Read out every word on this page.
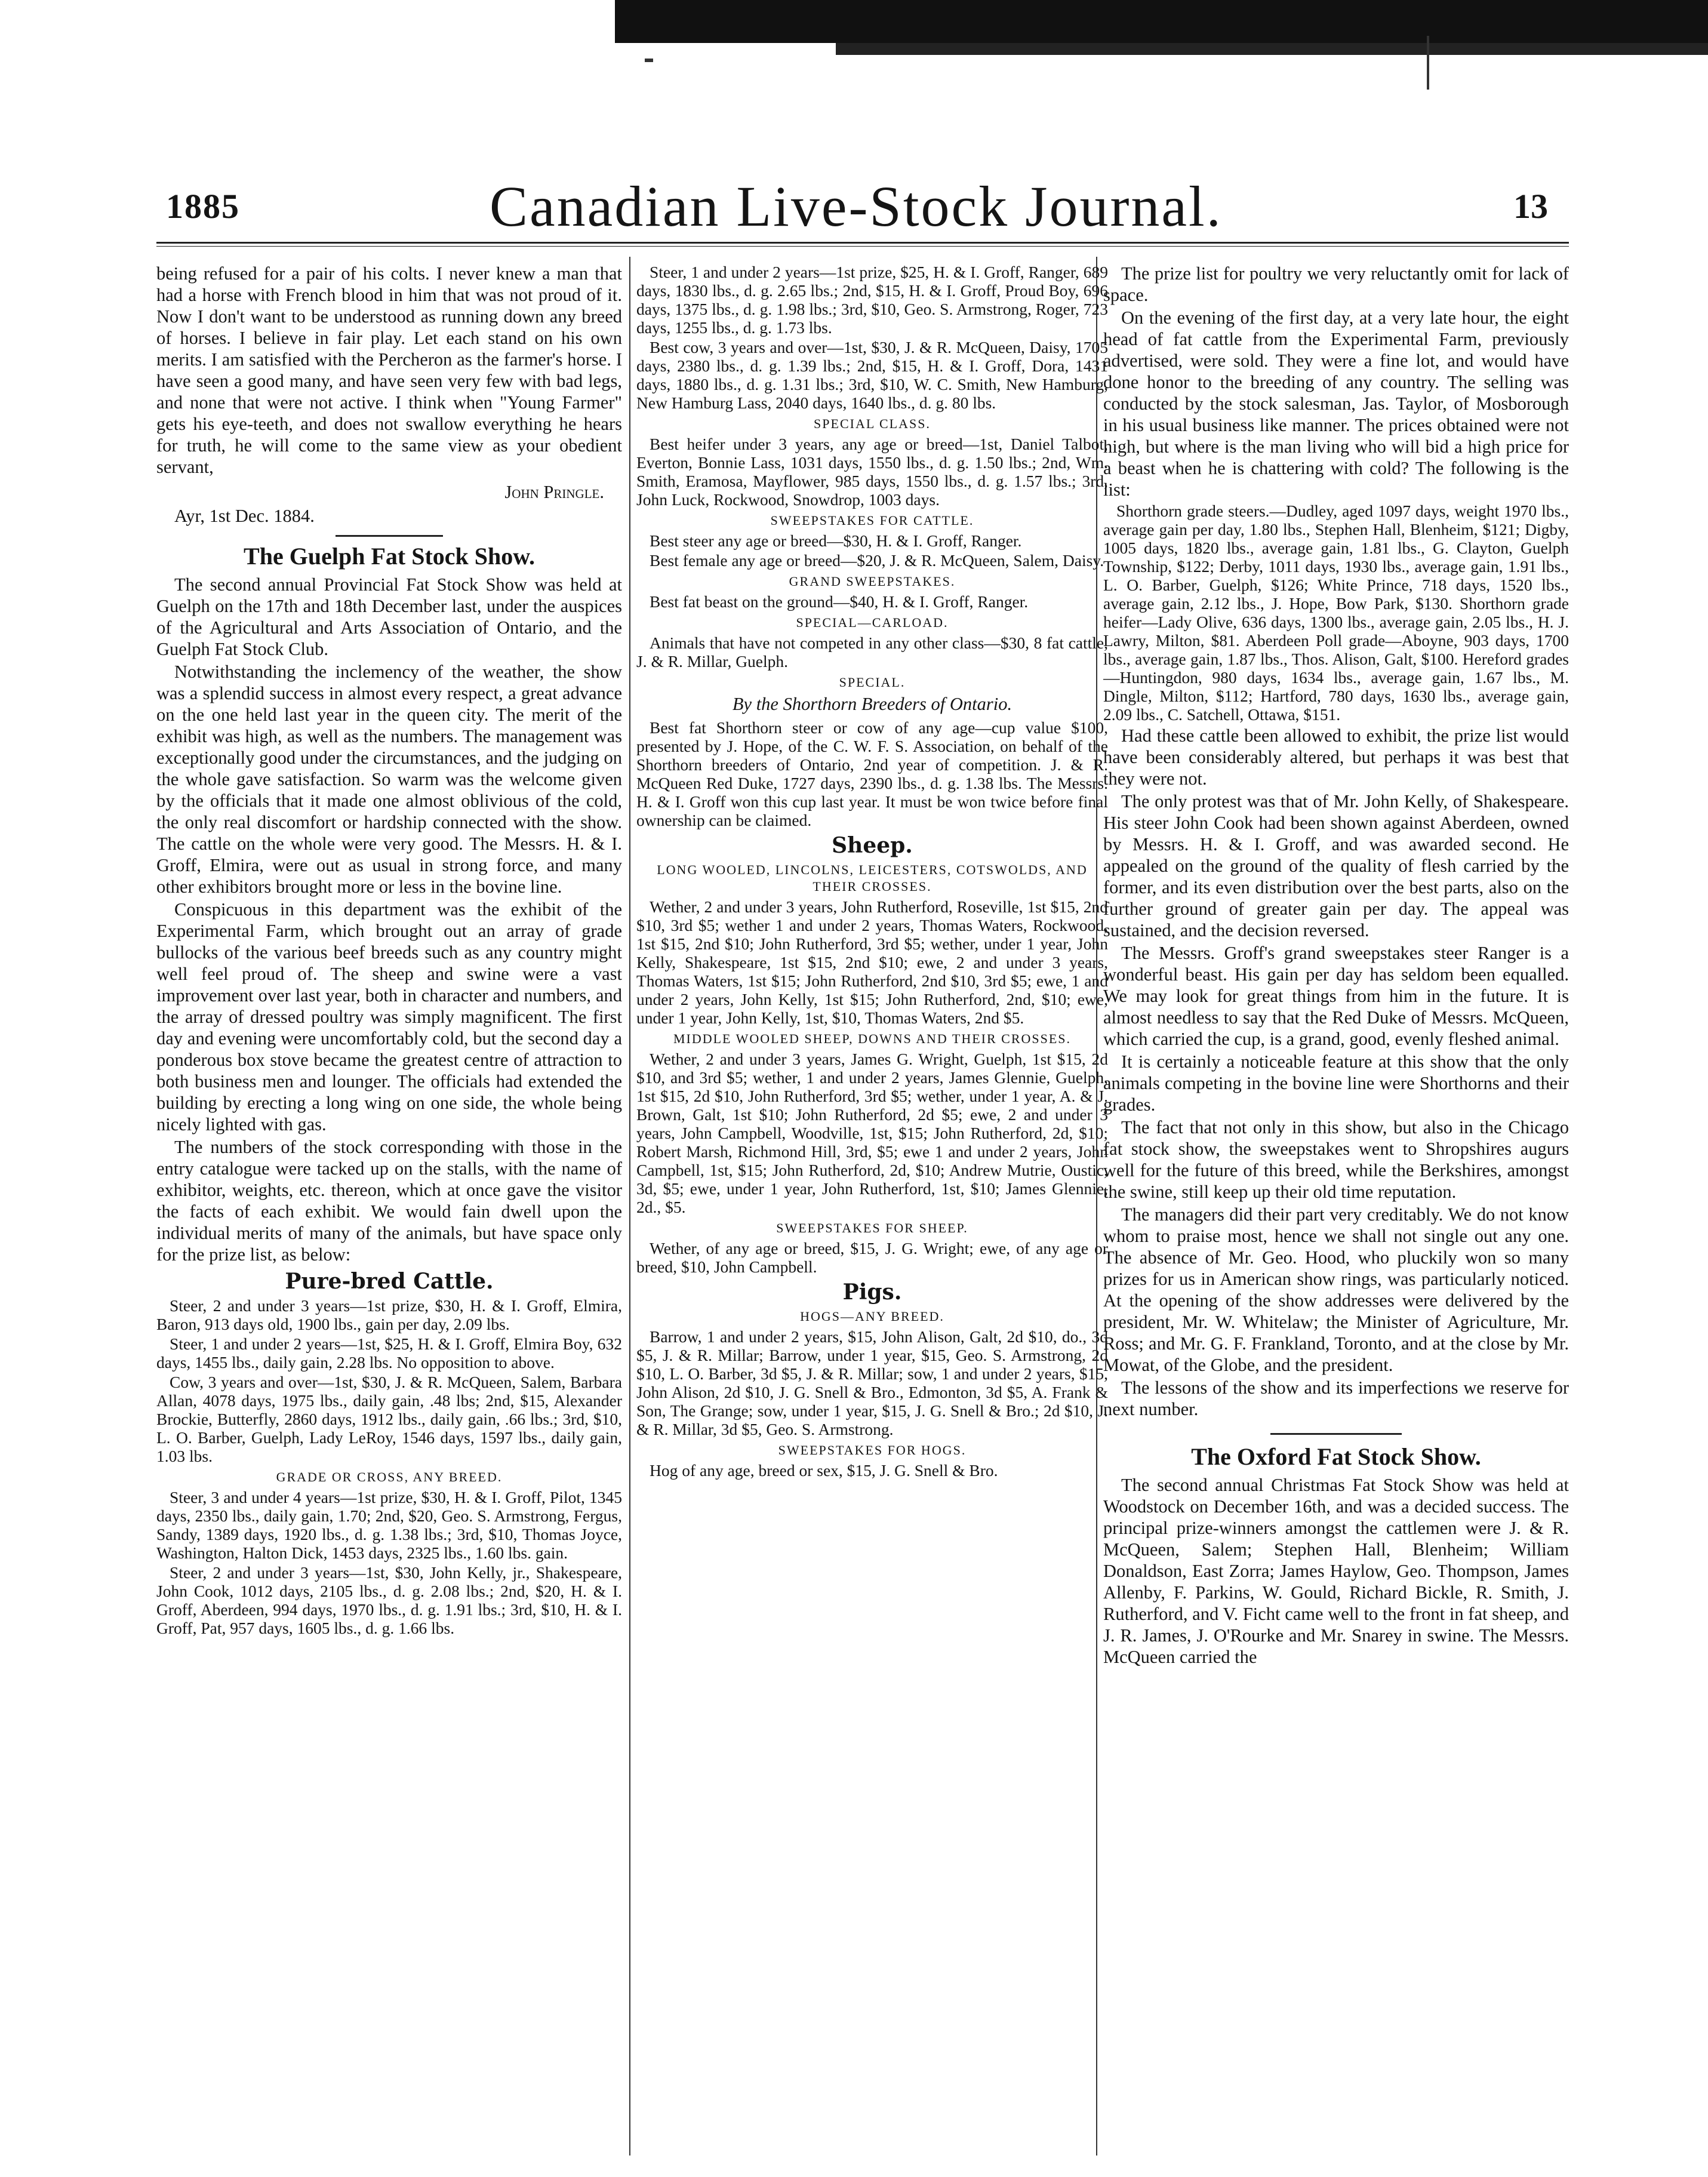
1885	Canadian Live-Stock Journal.	13

being refused for a pair of his colts. I never knew a man that had a horse with French blood in him that was not proud of it. Now I don't want to be understood as running down any breed of horses. I believe in fair play. Let each stand on his own merits. I am satisfied with the Percheron as the farmer's horse. I have seen a good many, and have seen very few with bad legs, and none that were not active. I think when "Young Farmer" gets his eye-teeth, and does not swallow everything he hears for truth, he will come to the same view as your obedient servant,

John Pringle.

Ayr, 1st Dec. 1884.

The Guelph Fat Stock Show.

The second annual Provincial Fat Stock Show was held at Guelph on the 17th and 18th December last, under the auspices of the Agricultural and Arts Association of Ontario, and the Guelph Fat Stock Club.

Notwithstanding the inclemency of the weather, the show was a splendid success in almost every respect, a great advance on the one held last year in the queen city. The merit of the exhibit was high, as well as the numbers. The management was exceptionally good under the circumstances, and the judging on the whole gave satisfaction. So warm was the welcome given by the officials that it made one almost oblivious of the cold, the only real discomfort or hardship connected with the show. The cattle on the whole were very good. The Messrs. H. & I. Groff, Elmira, were out as usual in strong force, and many other exhibitors brought more or less in the bovine line.

Conspicuous in this department was the exhibit of the Experimental Farm, which brought out an array of grade bullocks of the various beef breeds such as any country might well feel proud of. The sheep and swine were a vast improvement over last year, both in character and numbers, and the array of dressed poultry was simply magnificent. The first day and evening were uncomfortably cold, but the second day a ponderous box stove became the greatest centre of attraction to both business men and lounger. The officials had extended the building by erecting a long wing on one side, the whole being nicely lighted with gas.

The numbers of the stock corresponding with those in the entry catalogue were tacked up on the stalls, with the name of exhibitor, weights, etc. thereon, which at once gave the visitor the facts of each exhibit. We would fain dwell upon the individual merits of many of the animals, but have space only for the prize list, as below:

Pure-bred Cattle.

Steer, 2 and under 3 years—1st prize, $30, H. & I. Groff, Elmira, Baron, 913 days old, 1900 lbs., gain per day, 2.09 lbs.

Steer, 1 and under 2 years—1st, $25, H. & I. Groff, Elmira Boy, 632 days, 1455 lbs., daily gain, 2.28 lbs. No opposition to above.

Cow, 3 years and over—1st, $30, J. & R. McQueen, Salem, Barbara Allan, 4078 days, 1975 lbs., daily gain, .48 lbs; 2nd, $15, Alexander Brockie, Butterfly, 2860 days, 1912 lbs., daily gain, .66 lbs.; 3rd, $10, L. O. Barber, Guelph, Lady LeRoy, 1546 days, 1597 lbs., daily gain, 1.03 lbs.

GRADE OR CROSS, ANY BREED.

Steer, 3 and under 4 years—1st prize, $30, H. & I. Groff, Pilot, 1345 days, 2350 lbs., daily gain, 1.70; 2nd, $20, Geo. S. Armstrong, Fergus, Sandy, 1389 days, 1920 lbs., d. g. 1.38 lbs.; 3rd, $10, Thomas Joyce, Washington, Halton Dick, 1453 days, 2325 lbs., 1.60 lbs. gain.

Steer, 2 and under 3 years—1st, $30, John Kelly, jr., Shakespeare, John Cook, 1012 days, 2105 lbs., d. g. 2.08 lbs.; 2nd, $20, H. & I. Groff, Aberdeen, 994 days, 1970 lbs., d. g. 1.91 lbs.; 3rd, $10, H. & I. Groff, Pat, 957 days, 1605 lbs., d. g. 1.66 lbs.

Steer, 1 and under 2 years—1st prize, $25, H. & I. Groff, Ranger, 689 days, 1830 lbs., d. g. 2.65 lbs.; 2nd, $15, H. & I. Groff, Proud Boy, 696 days, 1375 lbs., d. g. 1.98 lbs.; 3rd, $10, Geo. S. Armstrong, Roger, 723 days, 1255 lbs., d. g. 1.73 lbs.

Best cow, 3 years and over—1st, $30, J. & R. McQueen, Daisy, 1705 days, 2380 lbs., d. g. 1.39 lbs.; 2nd, $15, H. & I. Groff, Dora, 1431 days, 1880 lbs., d. g. 1.31 lbs.; 3rd, $10, W. C. Smith, New Hamburg, New Hamburg Lass, 2040 days, 1640 lbs., d. g. 80 lbs.

SPECIAL CLASS.

Best heifer under 3 years, any age or breed—1st, Daniel Talbot, Everton, Bonnie Lass, 1031 days, 1550 lbs., d. g. 1.50 lbs.; 2nd, Wm. Smith, Eramosa, Mayflower, 985 days, 1550 lbs., d. g. 1.57 lbs.; 3rd, John Luck, Rockwood, Snowdrop, 1003 days.

SWEEPSTAKES FOR CATTLE.

Best steer any age or breed—$30, H. & I. Groff, Ranger.

Best female any age or breed—$20, J. & R. McQueen, Salem, Daisy.

GRAND SWEEPSTAKES.

Best fat beast on the ground—$40, H. & I. Groff, Ranger.

SPECIAL—CARLOAD.

Animals that have not competed in any other class—$30, 8 fat cattle, J. & R. Millar, Guelph.

SPECIAL.

By the Shorthorn Breeders of Ontario.

Best fat Shorthorn steer or cow of any age—cup value $100, presented by J. Hope, of the C. W. F. S. Association, on behalf of the Shorthorn breeders of Ontario, 2nd year of competition. J. & R. McQueen Red Duke, 1727 days, 2390 lbs., d. g. 1.38 lbs. The Messrs. H. & I. Groff won this cup last year. It must be won twice before final ownership can be claimed.

Sheep.
LONG WOOLED, LINCOLNS, LEICESTERS, COTSWOLDS, AND THEIR CROSSES.

Wether, 2 and under 3 years, John Rutherford, Roseville, 1st $15, 2nd $10, 3rd $5; wether 1 and under 2 years, Thomas Waters, Rockwood, 1st $15, 2nd $10; John Rutherford, 3rd $5; wether, under 1 year, John Kelly, Shakespeare, 1st $15, 2nd $10; ewe, 2 and under 3 years, Thomas Waters, 1st $15; John Rutherford, 2nd $10, 3rd $5; ewe, 1 and under 2 years, John Kelly, 1st $15; John Rutherford, 2nd, $10; ewe, under 1 year, John Kelly, 1st, $10, Thomas Waters, 2nd $5.

MIDDLE WOOLED SHEEP, DOWNS AND THEIR CROSSES.

Wether, 2 and under 3 years, James G. Wright, Guelph, 1st $15, 2d $10, and 3rd $5; wether, 1 and under 2 years, James Glennie, Guelph, 1st $15, 2d $10, John Rutherford, 3rd $5; wether, under 1 year, A. & J. Brown, Galt, 1st $10; John Rutherford, 2d $5; ewe, 2 and under 3 years, John Campbell, Woodville, 1st, $15; John Rutherford, 2d, $10; Robert Marsh, Richmond Hill, 3rd, $5; ewe 1 and under 2 years, John Campbell, 1st, $15; John Rutherford, 2d, $10; Andrew Mutrie, Oustic, 3d, $5; ewe, under 1 year, John Rutherford, 1st, $10; James Glennie, 2d., $5.

SWEEPSTAKES FOR SHEEP.

Wether, of any age or breed, $15, J. G. Wright; ewe, of any age or breed, $10, John Campbell.

Pigs.
HOGS—ANY BREED.

Barrow, 1 and under 2 years, $15, John Alison, Galt, 2d $10, do., 3d $5, J. & R. Millar; Barrow, under 1 year, $15, Geo. S. Armstrong, 2d $10, L. O. Barber, 3d $5, J. & R. Millar; sow, 1 and under 2 years, $15, John Alison, 2d $10, J. G. Snell & Bro., Edmonton, 3d $5, A. Frank & Son, The Grange; sow, under 1 year, $15, J. G. Snell & Bro.; 2d $10, J. & R. Millar, 3d $5, Geo. S. Armstrong.

SWEEPSTAKES FOR HOGS.

Hog of any age, breed or sex, $15, J. G. Snell & Bro.

The prize list for poultry we very reluctantly omit for lack of space.

On the evening of the first day, at a very late hour, the eight head of fat cattle from the Experimental Farm, previously advertised, were sold. They were a fine lot, and would have done honor to the breeding of any country. The selling was conducted by the stock salesman, Jas. Taylor, of Mosborough in his usual business like manner. The prices obtained were not high, but where is the man living who will bid a high price for a beast when he is chattering with cold? The following is the list:

Shorthorn grade steers.—Dudley, aged 1097 days, weight 1970 lbs., average gain per day, 1.80 lbs., Stephen Hall, Blenheim, $121; Digby, 1005 days, 1820 lbs., average gain, 1.81 lbs., G. Clayton, Guelph Township, $122; Derby, 1011 days, 1930 lbs., average gain, 1.91 lbs., L. O. Barber, Guelph, $126; White Prince, 718 days, 1520 lbs., average gain, 2.12 lbs., J. Hope, Bow Park, $130. Shorthorn grade heifer—Lady Olive, 636 days, 1300 lbs., average gain, 2.05 lbs., H. J. Lawry, Milton, $81. Aberdeen Poll grade—Aboyne, 903 days, 1700 lbs., average gain, 1.87 lbs., Thos. Alison, Galt, $100. Hereford grades—Huntingdon, 980 days, 1634 lbs., average gain, 1.67 lbs., M. Dingle, Milton, $112; Hartford, 780 days, 1630 lbs., average gain, 2.09 lbs., C. Satchell, Ottawa, $151.

Had these cattle been allowed to exhibit, the prize list would have been considerably altered, but perhaps it was best that they were not.

The only protest was that of Mr. John Kelly, of Shakespeare. His steer John Cook had been shown against Aberdeen, owned by Messrs. H. & I. Groff, and was awarded second. He appealed on the ground of the quality of flesh carried by the former, and its even distribution over the best parts, also on the further ground of greater gain per day. The appeal was sustained, and the decision reversed.

The Messrs. Groff's grand sweepstakes steer Ranger is a wonderful beast. His gain per day has seldom been equalled. We may look for great things from him in the future. It is almost needless to say that the Red Duke of Messrs. McQueen, which carried the cup, is a grand, good, evenly fleshed animal.

It is certainly a noticeable feature at this show that the only animals competing in the bovine line were Shorthorns and their grades.

The fact that not only in this show, but also in the Chicago fat stock show, the sweepstakes went to Shropshires augurs well for the future of this breed, while the Berkshires, amongst the swine, still keep up their old time reputation.

The managers did their part very creditably. We do not know whom to praise most, hence we shall not single out any one. The absence of Mr. Geo. Hood, who pluckily won so many prizes for us in American show rings, was particularly noticed. At the opening of the show addresses were delivered by the president, Mr. W. Whitelaw; the Minister of Agriculture, Mr. Ross; and Mr. G. F. Frankland, Toronto, and at the close by Mr. Mowat, of the Globe, and the president.

The lessons of the show and its imperfections we reserve for next number.

The Oxford Fat Stock Show.

The second annual Christmas Fat Stock Show was held at Woodstock on December 16th, and was a decided success. The principal prize-winners amongst the cattlemen were J. & R. McQueen, Salem; Stephen Hall, Blenheim; William Donaldson, East Zorra; James Haylow, Geo. Thompson, James Allenby, F. Parkins, W. Gould, Richard Bickle, R. Smith, J. Rutherford, and V. Ficht came well to the front in fat sheep, and J. R. James, J. O'Rourke and Mr. Snarey in swine. The Messrs. McQueen carried the
